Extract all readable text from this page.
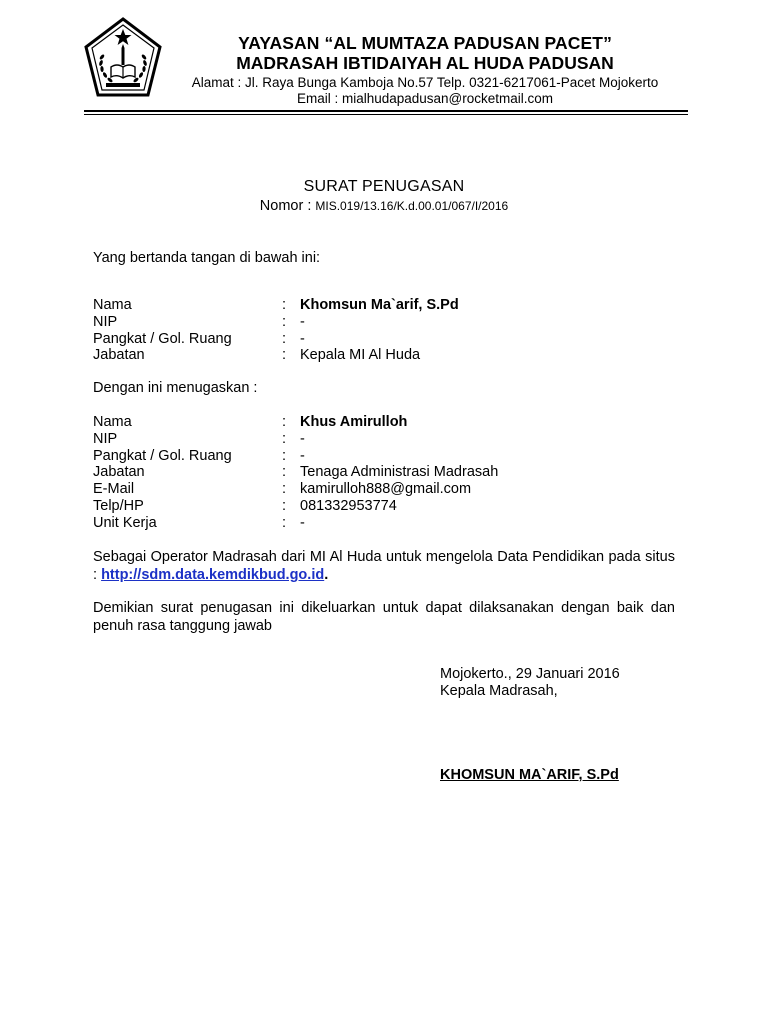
YAYASAN “AL MUMTAZA PADUSAN PACET”
MADRASAH IBTIDAIYAH AL HUDA PADUSAN
Alamat : Jl. Raya Bunga Kamboja No.57 Telp. 0321-6217061-Pacet Mojokerto
Email : mialhudapadusan@rocketmail.com
SURAT PENUGASAN
Nomor : MIS.019/13.16/K.d.00.01/067/I/2016
Yang bertanda tangan di bawah ini:
Nama	: Khomsun Ma`arif, S.Pd
NIP	: -
Pangkat / Gol. Ruang	: -
Jabatan	: Kepala MI Al Huda
Dengan ini menugaskan :
Nama	: Khus Amirulloh
NIP	: -
Pangkat / Gol. Ruang	: -
Jabatan	: Tenaga Administrasi Madrasah
E-Mail	: kamirulloh888@gmail.com
Telp/HP	: 081332953774
Unit Kerja	: -
Sebagai Operator Madrasah dari MI Al Huda untuk mengelola Data Pendidikan pada situs : http://sdm.data.kemdikbud.go.id.
Demikian surat penugasan ini dikeluarkan untuk dapat dilaksanakan dengan baik dan penuh rasa tanggung jawab
Mojokerto., 29 Januari 2016
Kepala Madrasah,
KHOMSUN MA`ARIF, S.Pd
